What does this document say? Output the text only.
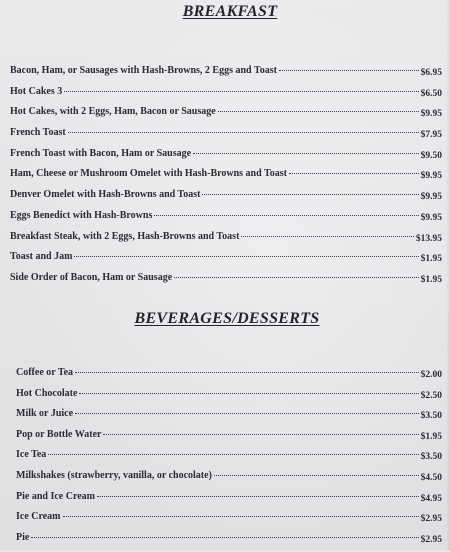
BREAKFAST
Bacon, Ham, or Sausages with Hash-Browns, 2 Eggs and Toast	$6.95
Hot Cakes 3	$6.50
Hot Cakes, with 2 Eggs, Ham, Bacon or Sausage	$9.95
French Toast	$7.95
French Toast with Bacon, Ham or Sausage	$9.50
Ham, Cheese or Mushroom Omelet with Hash-Browns and Toast	$9.95
Denver Omelet with Hash-Browns and Toast	$9.95
Eggs Benedict with Hash-Browns	$9.95
Breakfast Steak, with 2 Eggs, Hash-Browns and Toast	$13.95
Toast and Jam	$1.95
Side Order of Bacon, Ham or Sausage	$1.95
BEVERAGES/DESSERTS
Coffee or Tea	$2.00
Hot Chocolate	$2.50
Milk or Juice	$3.50
Pop or Bottle Water	$1.95
Ice Tea	$3.50
Milkshakes (strawberry, vanilla, or chocolate)	$4.50
Pie and Ice Cream	$4.95
Ice Cream	$2.95
Pie	$2.95
